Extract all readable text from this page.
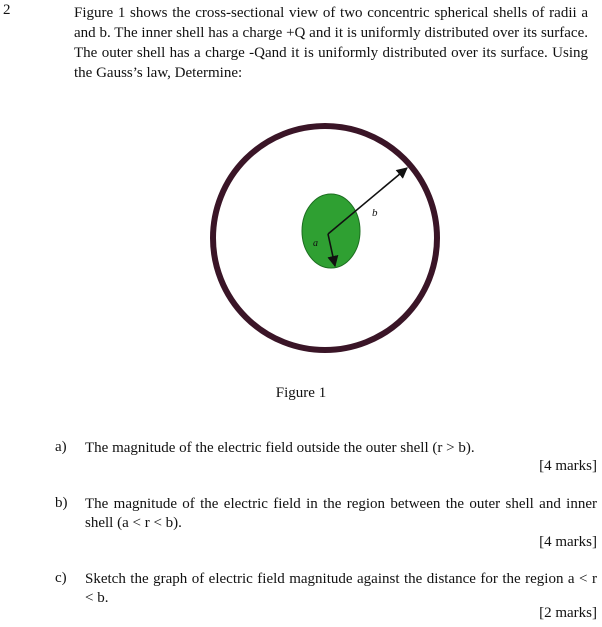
2	Figure 1 shows the cross-sectional view of two concentric spherical shells of radii a and b. The inner shell has a charge +Q and it is uniformly distributed over its surface. The outer shell has a charge -Qand it is uniformly distributed over its surface. Using the Gauss’s law, Determine:
b
a
Figure 1
a) The magnitude of the electric field outside the outer shell (r > b).
[4 marks]
b) The magnitude of the electric field in the region between the outer shell and inner shell (a < r < b).
[4 marks]
c) Sketch the graph of electric field magnitude against the distance for the region a < r < b.
[2 marks]
